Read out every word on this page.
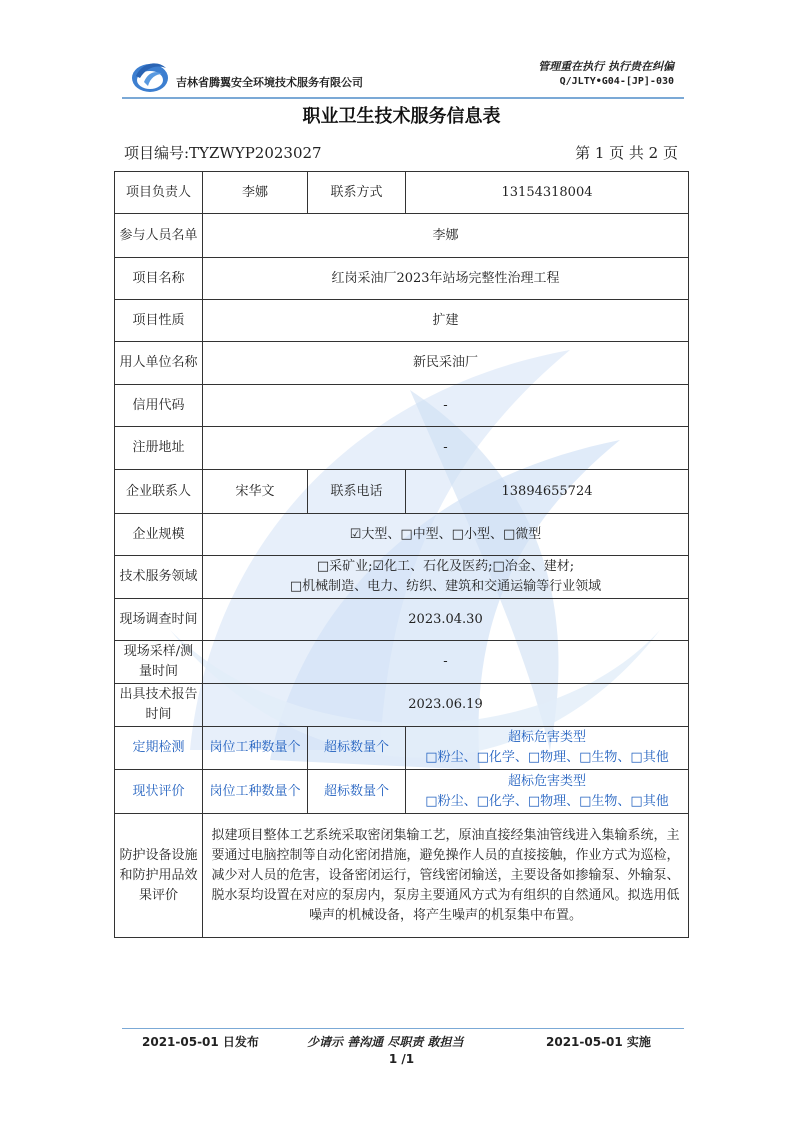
吉林省腾翼安全环境技术服务有限公司
管理重在执行 执行贵在纠偏
Q/JLTY•G04-[JP]-030
职业卫生技术服务信息表
项目编号:TYZWYP2023027	第 1 页 共 2 页
项目负责人	李娜	联系方式	13154318004
参与人员名单	李娜		
项目名称	红岗采油厂2023年站场完整性治理工程		
项目性质	扩建		
用人单位名称	新民采油厂		
信用代码	-		
注册地址	-		
企业联系人	宋华文	联系电话	13894655724
企业规模	☑大型、□中型、□小型、□微型		
技术服务领域	□采矿业;☑化工、石化及医药;□冶金、建材;
□机械制造、电力、纺织、建筑和交通运输等行业领域		

现场调查时间	2023.04.30		
现场采样/测量时间	-		
出具技术报告时间	2023.06.19		
定期检测	岗位工种数量个	超标数量个	超标危害类型
□粉尘、□化学、□物理、□生物、□其他

现状评价	岗位工种数量个	超标数量个	超标危害类型
□粉尘、□化学、□物理、□生物、□其他

防护设备设施和防护用品效果评价	拟建项目整体工艺系统采取密闭集输工艺，原油直接经集油管线进入集输系统，主要通过电脑控制等自动化密闭措施，避免操作人员的直接接触，作业方式为巡检，减少对人员的危害，设备密闭运行，管线密闭输送，主要设备如掺输泵、外输泵、脱水泵均设置在对应的泵房内，泵房主要通风方式为有组织的自然通风。拟选用低噪声的机械设备，将产生噪声的机泵集中布置。		
2021-05-01 日发布	少请示 善沟通 尽职责 敢担当	2021-05-01 实施
1 /1
